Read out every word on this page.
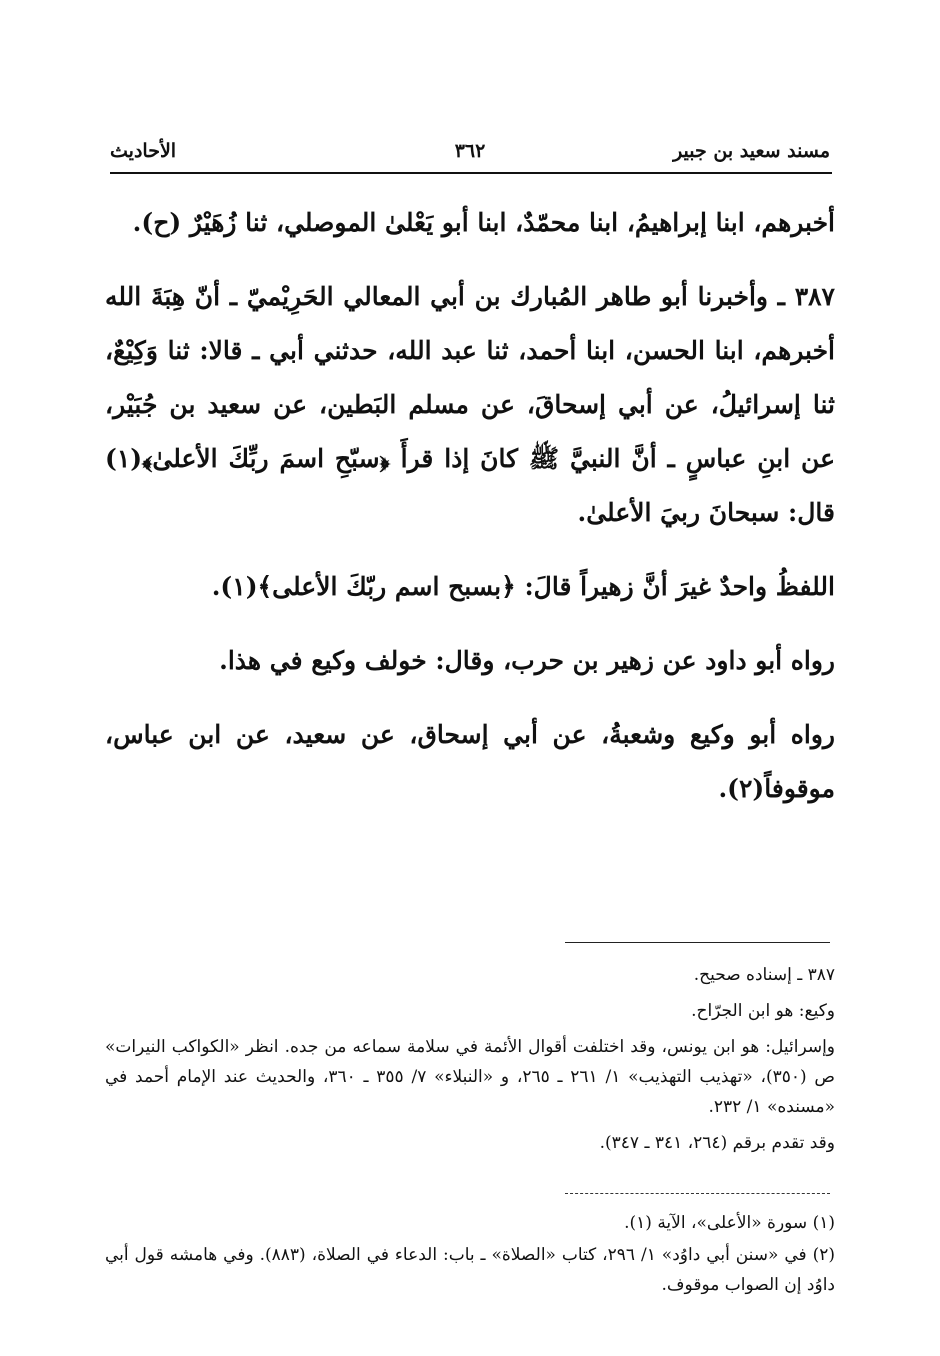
مسند سعيد بن جبير
٣٦٢
الأحاديث

أخبرهم، ابنا إبراهيمُ، ابنا محمّدٌ، ابنا أبو يَعْلىٰ الموصلي، ثنا زُهَيْرٌ (ح).

٣٨٧ ـ وأخبرنا أبو طاهر المُبارك بن أبي المعالي الحَرِيْميّ ـ أنّ هِبَةَ الله أخبرهم، ابنا الحسن، ابنا أحمد، ثنا عبد الله، حدثني أبي ـ قالا: ثنا وَكِيْعٌ، ثنا إسرائيلُ، عن أبي إسحاقَ، عن مسلم البَطين، عن سعيد بن جُبَيْر، عن ابنِ عباسٍ ـ أنَّ النبيَّ ﷺ كانَ إذا قرأَ ﴿سبّحِ اسمَ ربِّكَ الأعلىٰ﴾(١) قال: سبحانَ ربيَ الأعلىٰ.

اللفظُ واحدٌ غيرَ أنَّ زهيراً قالَ: ﴿بسبح اسم ربّكَ الأعلى﴾(١).

رواه أبو داود عن زهير بن حرب، وقال: خولف وكيع في هذا.

رواه أبو وكيع وشعبةُ، عن أبي إسحاق، عن سعيد، عن ابن عباس، موقوفاً(٢).

٣٨٧ ـ إسناده صحيح.

وكيع: هو ابن الجرّاح.

وإسرائيل: هو ابن يونس، وقد اختلفت أقوال الأئمة في سلامة سماعه من جده. انظر «الكواكب النيرات» ص (٣٥٠)، «تهذيب التهذيب» ١/ ٢٦١ ـ ٢٦٥، و «النبلاء» ٧/ ٣٥٥ ـ ٣٦٠، والحديث عند الإمام أحمد في «مسنده» ١/ ٢٣٢.

وقد تقدم برقم (٢٦٤، ٣٤١ ـ ٣٤٧).

(١) سورة «الأعلى»، الآية (١).

(٢) في «سنن أبي داوُد» ١/ ٢٩٦، كتاب «الصلاة» ـ باب: الدعاء في الصلاة، (٨٨٣). وفي هامشه قول أبي داوُد إن الصواب موقوف.
